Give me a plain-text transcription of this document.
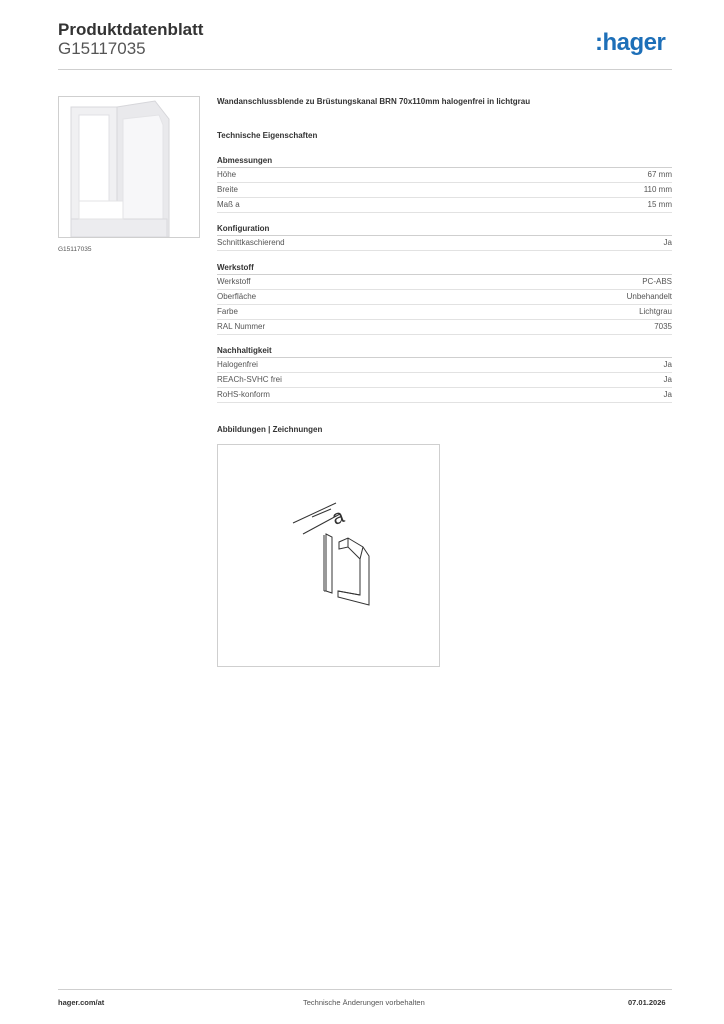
Produktdatenblatt
G15117035	:hager
G15117035
Wandanschlussblende zu Brüstungskanal BRN 70x110mm halogenfrei in lichtgrau
Technische Eigenschaften
Abmessungen
Höhe	67 mm
Breite	110 mm
Maß a	15 mm
Konfiguration
Schnittkaschierend	Ja
Werkstoff
Werkstoff	PC-ABS
Oberfläche	Unbehandelt
Farbe	Lichtgrau
RAL Nummer	7035
Nachhaltigkeit
Halogenfrei	Ja
REACh-SVHC frei	Ja
RoHS-konform	Ja
Abbildungen | Zeichnungen
a
hager.com/at	Technische Änderungen vorbehalten	07.01.2026
